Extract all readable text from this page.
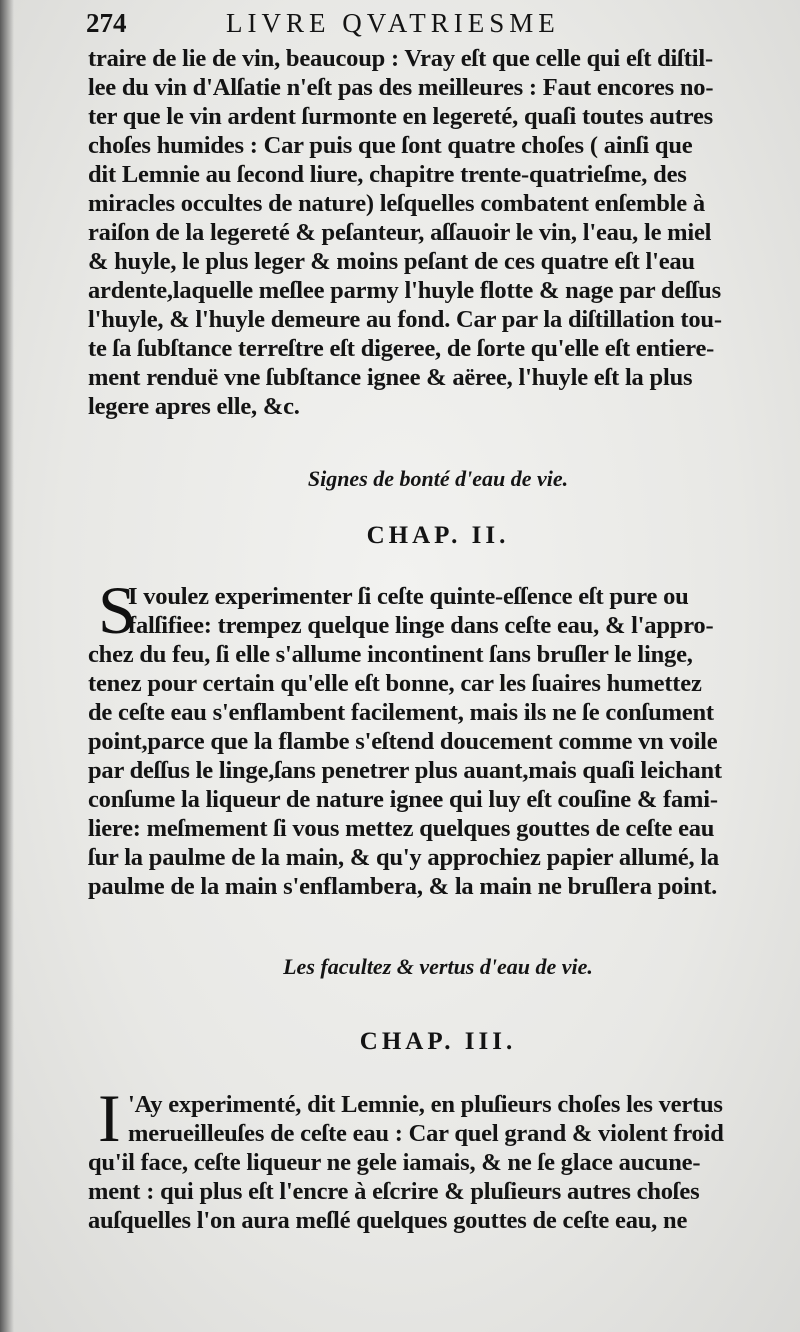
274	LIVRE QVATRIESME
traire de lie de vin, beaucoup : Vray eſt que celle qui eſt diſtil-
lee du vin d'Alſatie n'eſt pas des meilleures : Faut encores no-
ter que le vin ardent ſurmonte en legereté, quaſi toutes autres
choſes humides : Car puis que ſont quatre choſes ( ainſi que
dit Lemnie au ſecond liure, chapitre trente-quatrieſme, des
miracles occultes de nature) leſquelles combatent enſemble à
raiſon de la legereté & peſanteur, aſſauoir le vin, l'eau, le miel
& huyle, le plus leger & moins peſant de ces quatre eſt l'eau
ardente,laquelle meſlee parmy l'huyle flotte & nage par deſſus
l'huyle, & l'huyle demeure au fond. Car par la diſtillation tou-
te ſa ſubſtance terreſtre eſt digeree, de ſorte qu'elle eſt entiere-
ment renduë vne ſubſtance ignee & aëree, l'huyle eſt la plus
legere apres elle, &c.
Signes de bonté d'eau de vie.
CHAP. II.
S
I voulez experimenter ſi ceſte quinte-eſſence eſt pure ou
falſifiee: trempez quelque linge dans ceſte eau, & l'appro-
chez du feu, ſi elle s'allume incontinent ſans bruſler le linge,
tenez pour certain qu'elle eſt bonne, car les ſuaires humettez
de ceſte eau s'enflambent facilement, mais ils ne ſe conſument
point,parce que la flambe s'eſtend doucement comme vn voile
par deſſus le linge,ſans penetrer plus auant,mais quaſi leichant
conſume la liqueur de nature ignee qui luy eſt couſine & fami-
liere: meſmement ſi vous mettez quelques gouttes de ceſte eau
ſur la paulme de la main, & qu'y approchiez papier allumé, la
paulme de la main s'enflambera, & la main ne bruſlera point.
Les facultez & vertus d'eau de vie.
CHAP. III.
I 'Ay experimenté, dit Lemnie, en pluſieurs choſes les vertus
merueilleuſes de ceſte eau : Car quel grand & violent froid
qu'il face, ceſte liqueur ne gele iamais, & ne ſe glace aucune-
ment : qui plus eſt l'encre à eſcrire & pluſieurs autres choſes
auſquelles l'on aura meſlé quelques gouttes de ceſte eau, ne
